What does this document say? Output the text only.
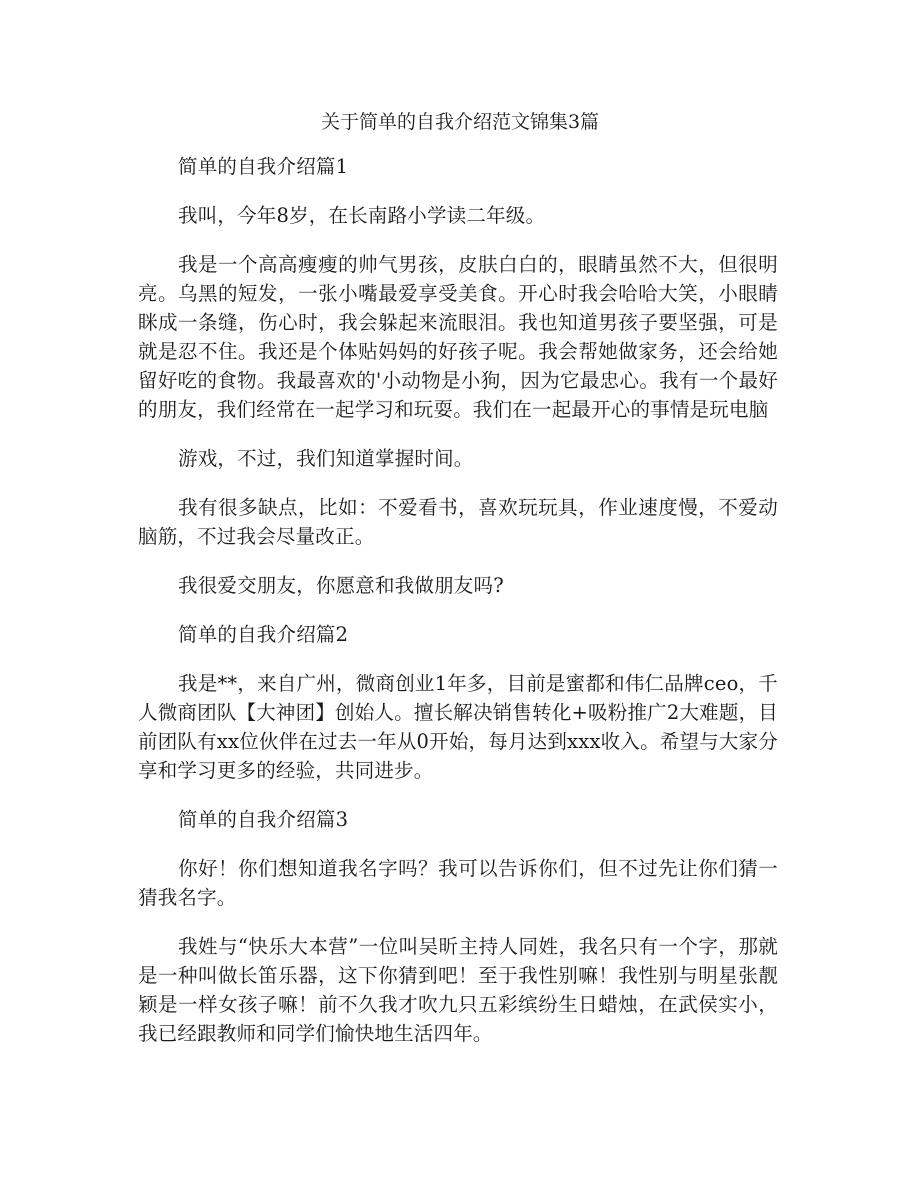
关于简单的自我介绍范文锦集3篇

简单的自我介绍篇1

我叫，今年8岁，在长南路小学读二年级。

我是一个高高瘦瘦的帅气男孩，皮肤白白的，眼睛虽然不大，但很明亮。乌黑的短发，一张小嘴最爱享受美食。开心时我会哈哈大笑，小眼睛眯成一条缝，伤心时，我会躲起来流眼泪。我也知道男孩子要坚强，可是就是忍不住。我还是个体贴妈妈的好孩子呢。我会帮她做家务，还会给她留好吃的食物。我最喜欢的'小动物是小狗，因为它最忠心。我有一个最好的朋友，我们经常在一起学习和玩耍。我们在一起最开心的事情是玩电脑

游戏，不过，我们知道掌握时间。

我有很多缺点，比如：不爱看书，喜欢玩玩具，作业速度慢，不爱动脑筋，不过我会尽量改正。

我很爱交朋友，你愿意和我做朋友吗?

简单的自我介绍篇2

我是**，来自广州，微商创业1年多，目前是蜜都和伟仁品牌ceo，千人微商团队【大神团】创始人。擅长解决销售转化+吸粉推广2大难题，目前团队有xx位伙伴在过去一年从0开始，每月达到xxx收入。希望与大家分享和学习更多的经验，共同进步。

简单的自我介绍篇3

你好！你们想知道我名字吗？我可以告诉你们，但不过先让你们猜一猜我名字。

我姓与“快乐大本营”一位叫吴昕主持人同姓，我名只有一个字，那就是一种叫做长笛乐器，这下你猜到吧！至于我性别嘛！我性别与明星张靓颖是一样女孩子嘛！前不久我才吹九只五彩缤纷生日蜡烛，在武侯实小，我已经跟教师和同学们愉快地生活四年。
